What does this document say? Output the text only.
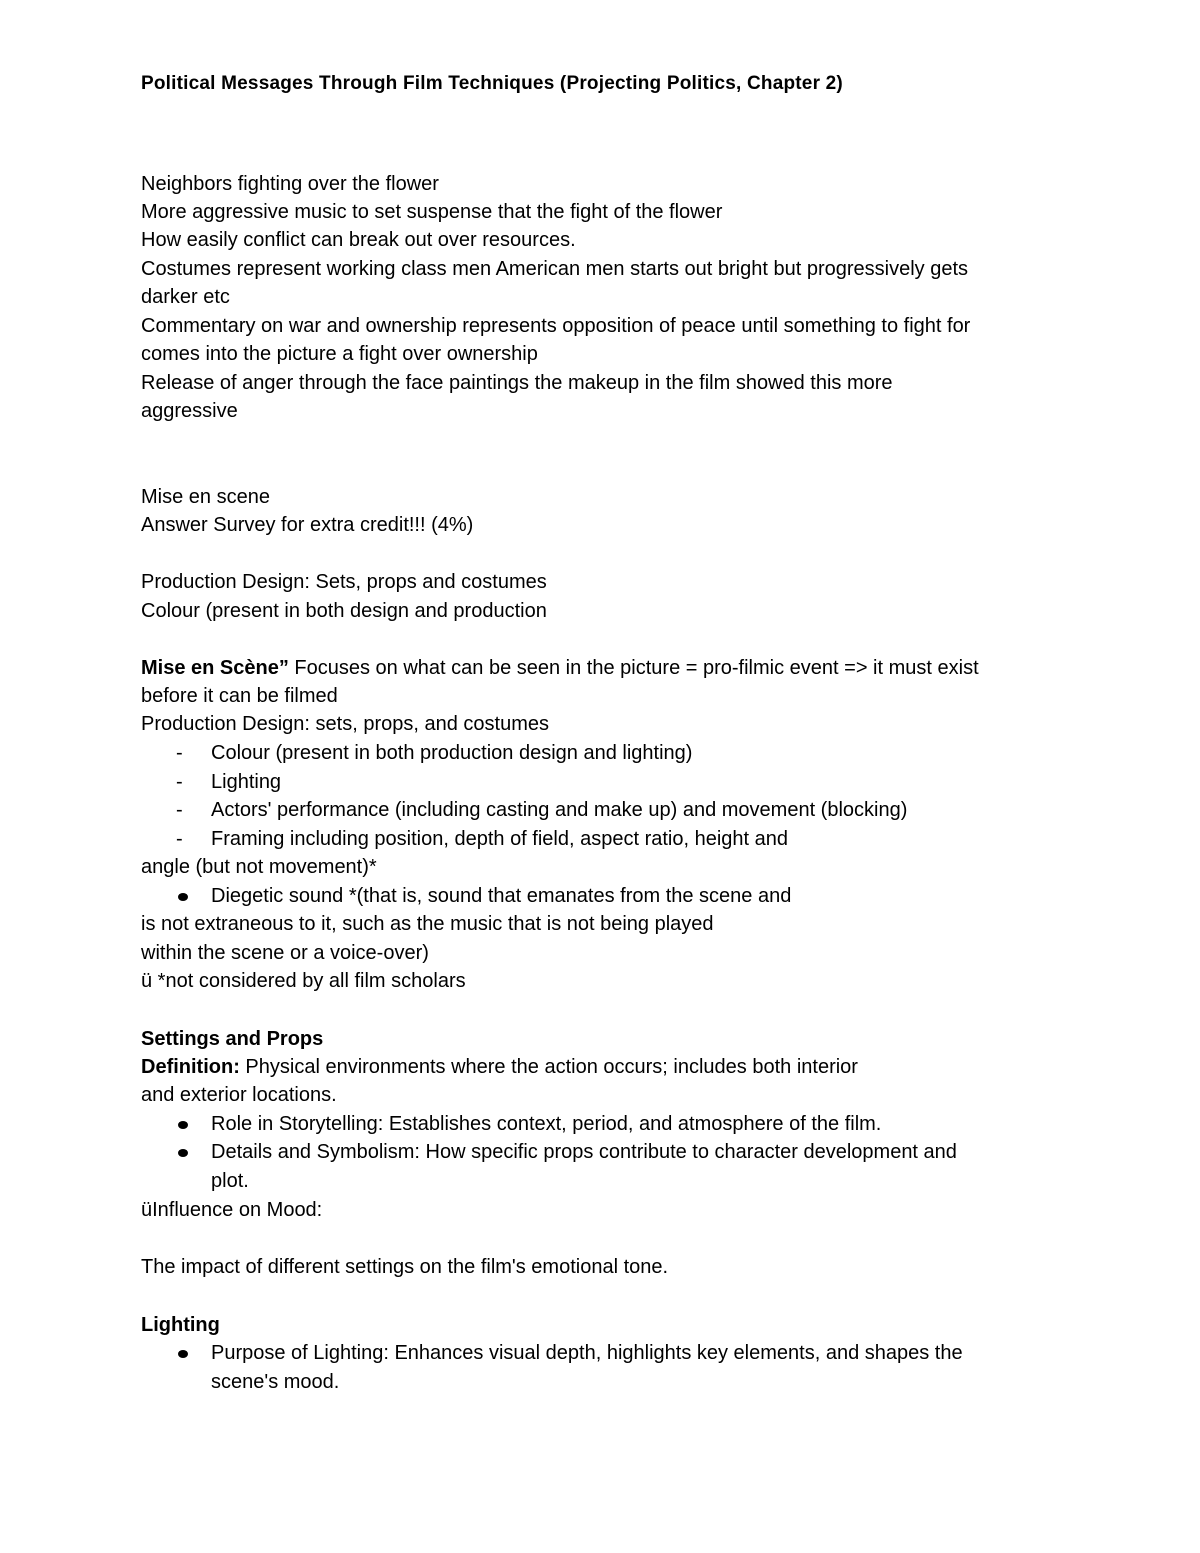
Political Messages Through Film Techniques (Projecting Politics, Chapter 2)
Neighbors fighting over the flower
More aggressive music to set suspense that the fight of the flower
How easily conflict can break out over resources.
Costumes represent working class men American men starts out bright but progressively gets
darker etc
Commentary on war and ownership represents opposition of peace until something to fight for
comes into the picture a fight over ownership
Release of anger through the face paintings the makeup in the film showed this more
aggressive
Mise en scene
Answer Survey for extra credit!!! (4%)
Production Design: Sets, props and costumes
Colour (present in both design and production
Mise en Scène” Focuses on what can be seen in the picture = pro-filmic event => it must exist
before it can be filmed
Production Design: sets, props, and costumes
- Colour (present in both production design and lighting)
- Lighting
- Actors' performance (including casting and make up) and movement (blocking)
- Framing including position, depth of field, aspect ratio, height and
angle (but not movement)*
Diegetic sound *(that is, sound that emanates from the scene and
is not extraneous to it, such as the music that is not being played
within the scene or a voice-over)
ü *not considered by all film scholars
Settings and Props
Definition: Physical environments where the action occurs; includes both interior
and exterior locations.
Role in Storytelling: Establishes context, period, and atmosphere of the film.
Details and Symbolism: How specific props contribute to character development and
plot.
üInfluence on Mood:
The impact of different settings on the film's emotional tone.
Lighting
Purpose of Lighting: Enhances visual depth, highlights key elements, and shapes the
scene's mood.
